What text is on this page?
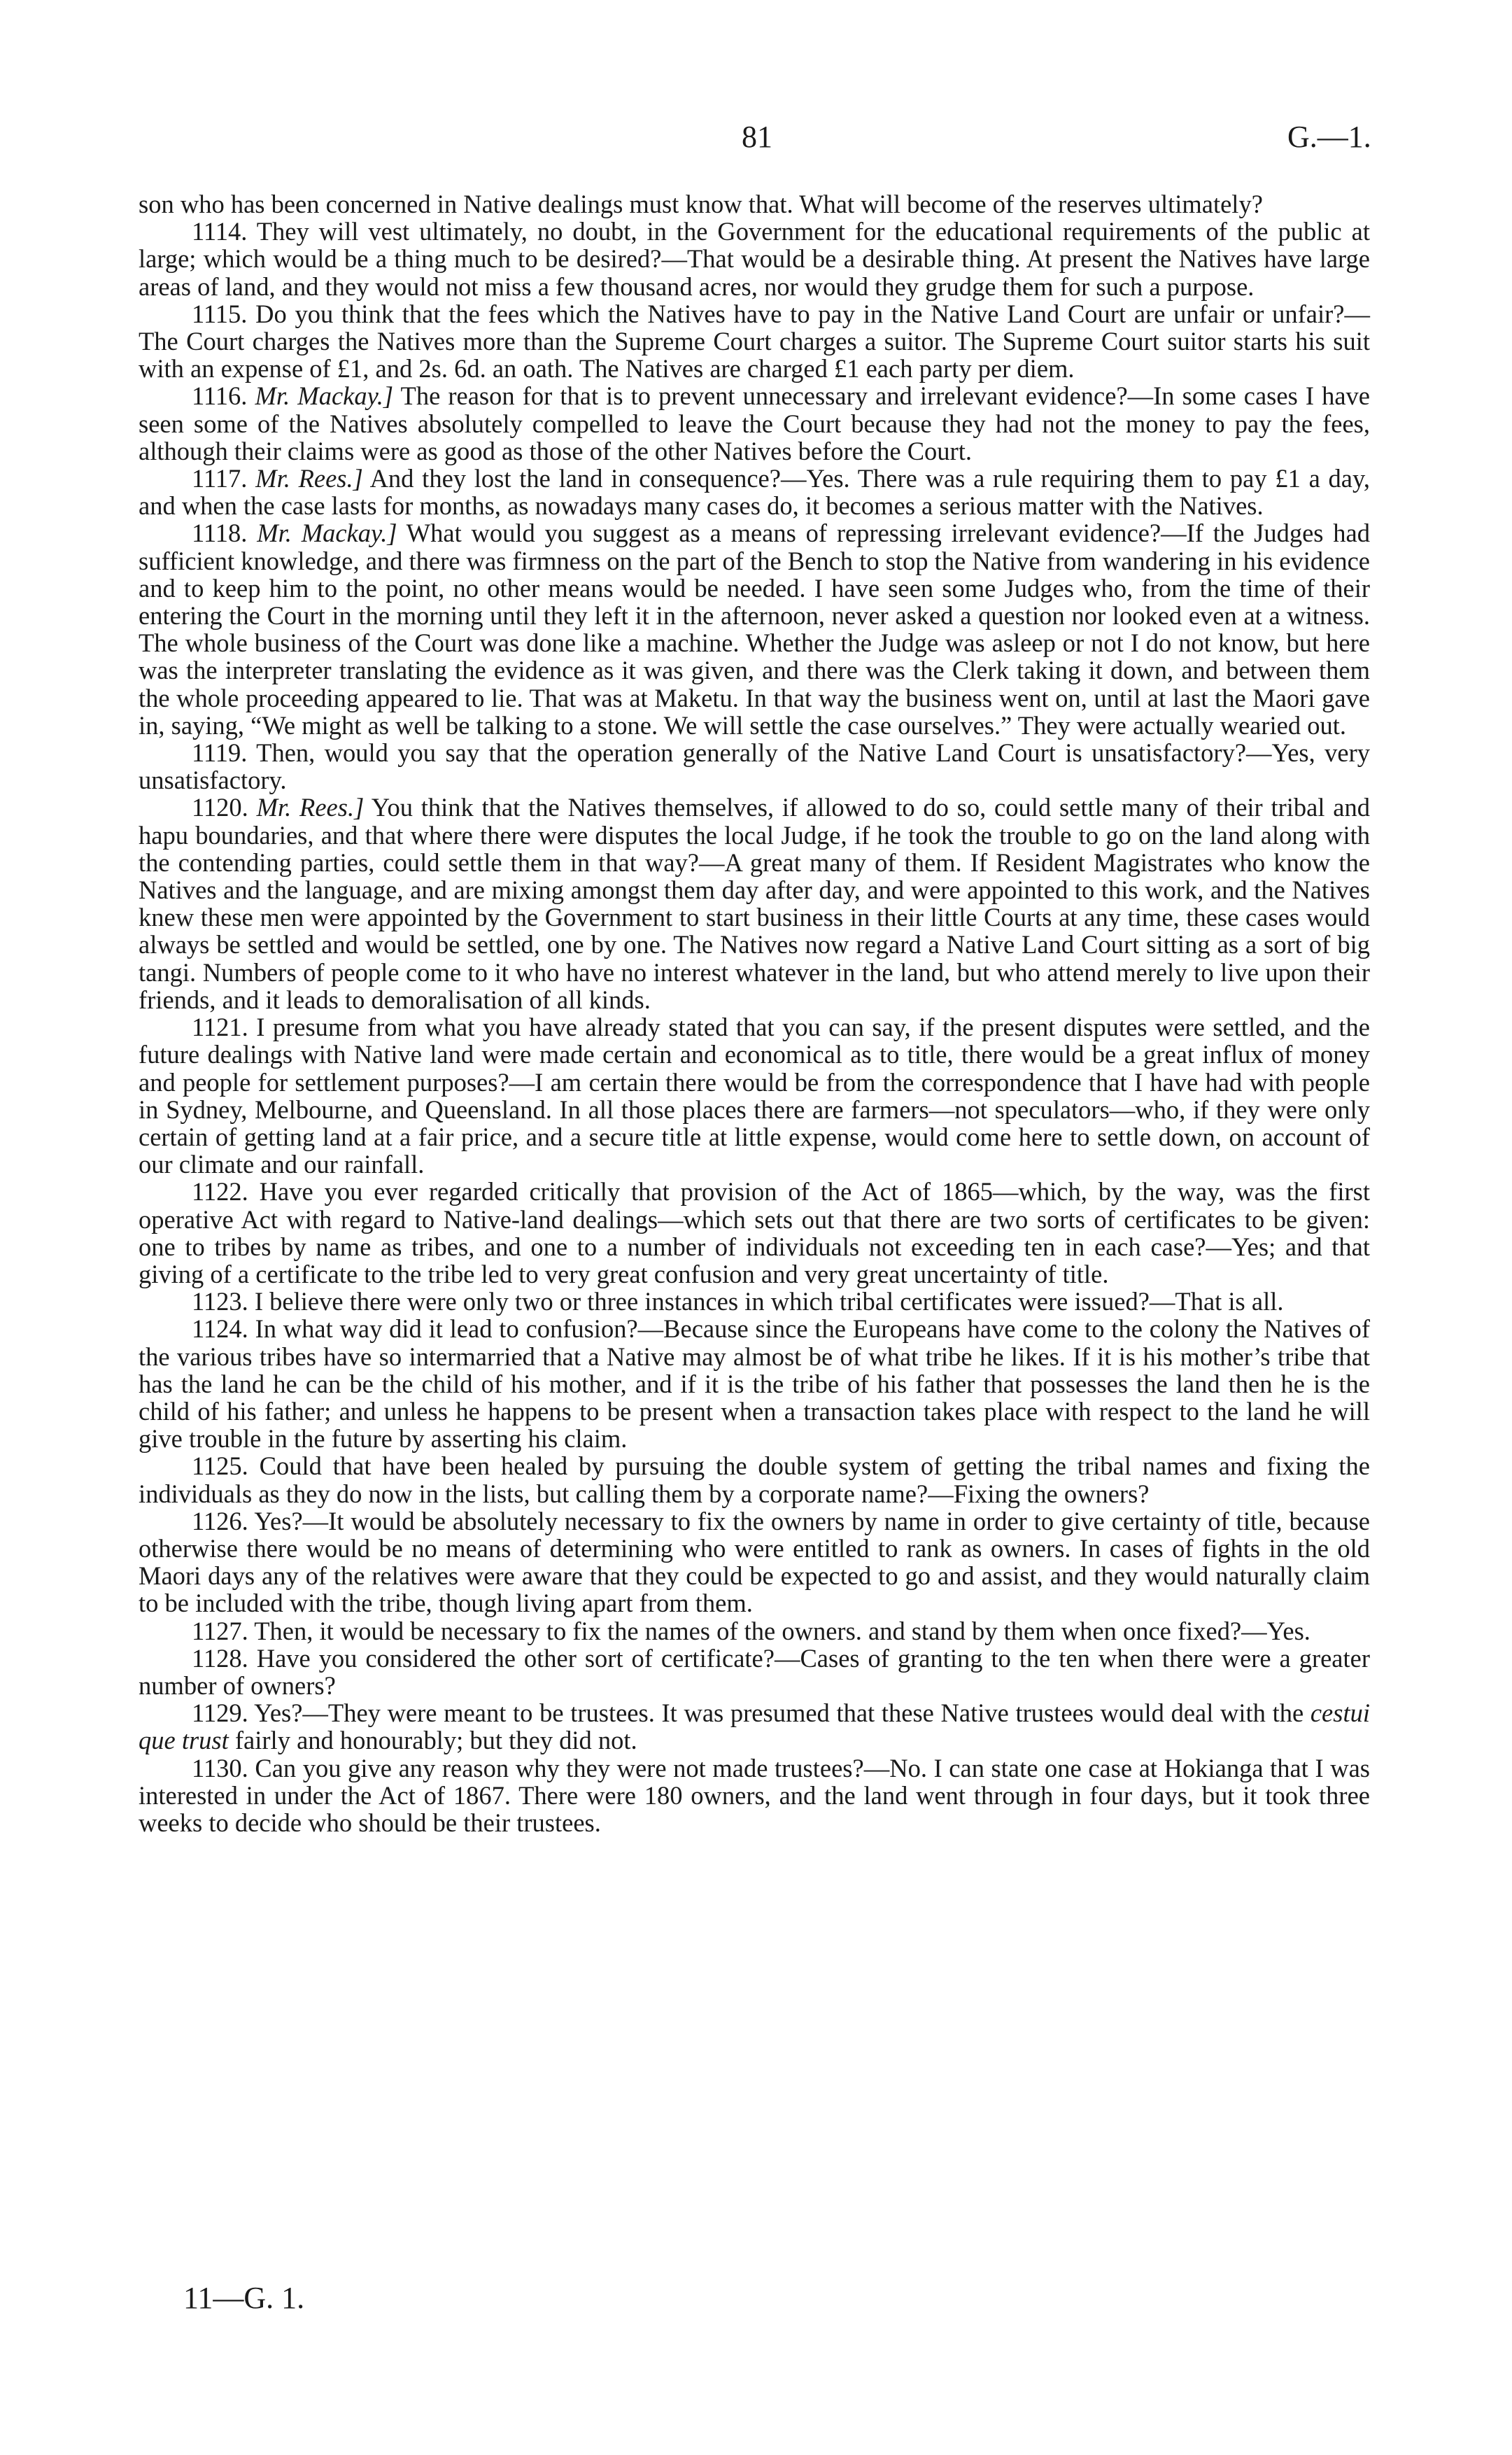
81	G.—1.

son who has been concerned in Native dealings must know that. What will become of the reserves ultimately?

1114. They will vest ultimately, no doubt, in the Government for the educational requirements of the public at large; which would be a thing much to be desired?—That would be a desirable thing. At present the Natives have large areas of land, and they would not miss a few thousand acres, nor would they grudge them for such a purpose.

1115. Do you think that the fees which the Natives have to pay in the Native Land Court are unfair or unfair?—The Court charges the Natives more than the Supreme Court charges a suitor. The Supreme Court suitor starts his suit with an expense of £1, and 2s. 6d. an oath. The Natives are charged £1 each party per diem.

1116. Mr. Mackay.] The reason for that is to prevent unnecessary and irrelevant evidence?—In some cases I have seen some of the Natives absolutely compelled to leave the Court because they had not the money to pay the fees, although their claims were as good as those of the other Natives before the Court.

1117. Mr. Rees.] And they lost the land in consequence?—Yes. There was a rule requiring them to pay £1 a day, and when the case lasts for months, as nowadays many cases do, it becomes a serious matter with the Natives.

1118. Mr. Mackay.] What would you suggest as a means of repressing irrelevant evidence?—If the Judges had sufficient knowledge, and there was firmness on the part of the Bench to stop the Native from wandering in his evidence and to keep him to the point, no other means would be needed. I have seen some Judges who, from the time of their entering the Court in the morning until they left it in the afternoon, never asked a question nor looked even at a witness. The whole business of the Court was done like a machine. Whether the Judge was asleep or not I do not know, but here was the interpreter translating the evidence as it was given, and there was the Clerk taking it down, and between them the whole proceeding appeared to lie. That was at Maketu. In that way the business went on, until at last the Maori gave in, saying, “We might as well be talking to a stone. We will settle the case ourselves.” They were actually wearied out.

1119. Then, would you say that the operation generally of the Native Land Court is unsatisfactory?—Yes, very unsatisfactory.

1120. Mr. Rees.] You think that the Natives themselves, if allowed to do so, could settle many of their tribal and hapu boundaries, and that where there were disputes the local Judge, if he took the trouble to go on the land along with the contending parties, could settle them in that way?—A great many of them. If Resident Magistrates who know the Natives and the language, and are mixing amongst them day after day, and were appointed to this work, and the Natives knew these men were appointed by the Government to start business in their little Courts at any time, these cases would always be settled and would be settled, one by one. The Natives now regard a Native Land Court sitting as a sort of big tangi. Numbers of people come to it who have no interest whatever in the land, but who attend merely to live upon their friends, and it leads to demoralisation of all kinds.

1121. I presume from what you have already stated that you can say, if the present disputes were settled, and the future dealings with Native land were made certain and economical as to title, there would be a great influx of money and people for settlement purposes?—I am certain there would be from the correspondence that I have had with people in Sydney, Melbourne, and Queensland. In all those places there are farmers—not speculators—who, if they were only certain of getting land at a fair price, and a secure title at little expense, would come here to settle down, on account of our climate and our rainfall.

1122. Have you ever regarded critically that provision of the Act of 1865—which, by the way, was the first operative Act with regard to Native-land dealings—which sets out that there are two sorts of certificates to be given: one to tribes by name as tribes, and one to a number of individuals not exceeding ten in each case?—Yes; and that giving of a certificate to the tribe led to very great confusion and very great uncertainty of title.

1123. I believe there were only two or three instances in which tribal certificates were issued?—That is all.

1124. In what way did it lead to confusion?—Because since the Europeans have come to the colony the Natives of the various tribes have so intermarried that a Native may almost be of what tribe he likes. If it is his mother’s tribe that has the land he can be the child of his mother, and if it is the tribe of his father that possesses the land then he is the child of his father; and unless he happens to be present when a transaction takes place with respect to the land he will give trouble in the future by asserting his claim.

1125. Could that have been healed by pursuing the double system of getting the tribal names and fixing the individuals as they do now in the lists, but calling them by a corporate name?—Fixing the owners?

1126. Yes?—It would be absolutely necessary to fix the owners by name in order to give certainty of title, because otherwise there would be no means of determining who were entitled to rank as owners. In cases of fights in the old Maori days any of the relatives were aware that they could be expected to go and assist, and they would naturally claim to be included with the tribe, though living apart from them.

1127. Then, it would be necessary to fix the names of the owners. and stand by them when once fixed?—Yes.

1128. Have you considered the other sort of certificate?—Cases of granting to the ten when there were a greater number of owners?

1129. Yes?—They were meant to be trustees. It was presumed that these Native trustees would deal with the cestui que trust fairly and honourably; but they did not.

1130. Can you give any reason why they were not made trustees?—No. I can state one case at Hokianga that I was interested in under the Act of 1867. There were 180 owners, and the land went through in four days, but it took three weeks to decide who should be their trustees.

11—G. 1.
